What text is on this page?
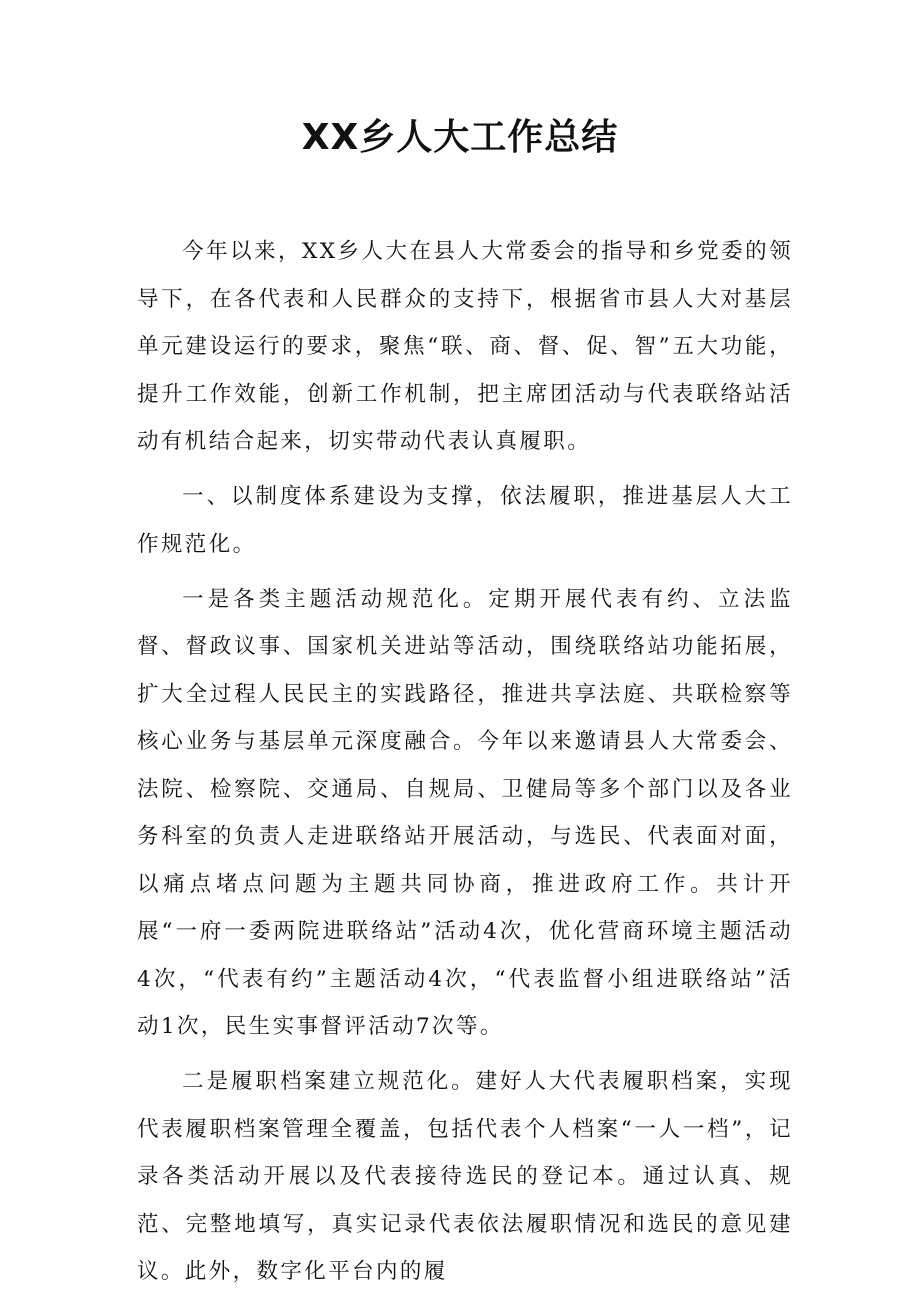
XX乡人大工作总结

今年以来，XX乡人大在县人大常委会的指导和乡党委的领导下，在各代表和人民群众的支持下，根据省市县人大对基层单元建设运行的要求，聚焦“联、商、督、促、智”五大功能，提升工作效能，创新工作机制，把主席团活动与代表联络站活动有机结合起来，切实带动代表认真履职。

一、以制度体系建设为支撑，依法履职，推进基层人大工作规范化。

一是各类主题活动规范化。定期开展代表有约、立法监督、督政议事、国家机关进站等活动，围绕联络站功能拓展，扩大全过程人民民主的实践路径，推进共享法庭、共联检察等核心业务与基层单元深度融合。今年以来邀请县人大常委会、法院、检察院、交通局、自规局、卫健局等多个部门以及各业务科室的负责人走进联络站开展活动，与选民、代表面对面，以痛点堵点问题为主题共同协商，推进政府工作。共计开展“一府一委两院进联络站”活动4次，优化营商环境主题活动4次，“代表有约”主题活动4次，“代表监督小组进联络站”活动1次，民生实事督评活动7次等。

二是履职档案建立规范化。建好人大代表履职档案，实现代表履职档案管理全覆盖，包括代表个人档案“一人一档”，记录各类活动开展以及代表接待选民的登记本。通过认真、规范、完整地填写，真实记录代表依法履职情况和选民的意见建议。此外，数字化平台内的履
